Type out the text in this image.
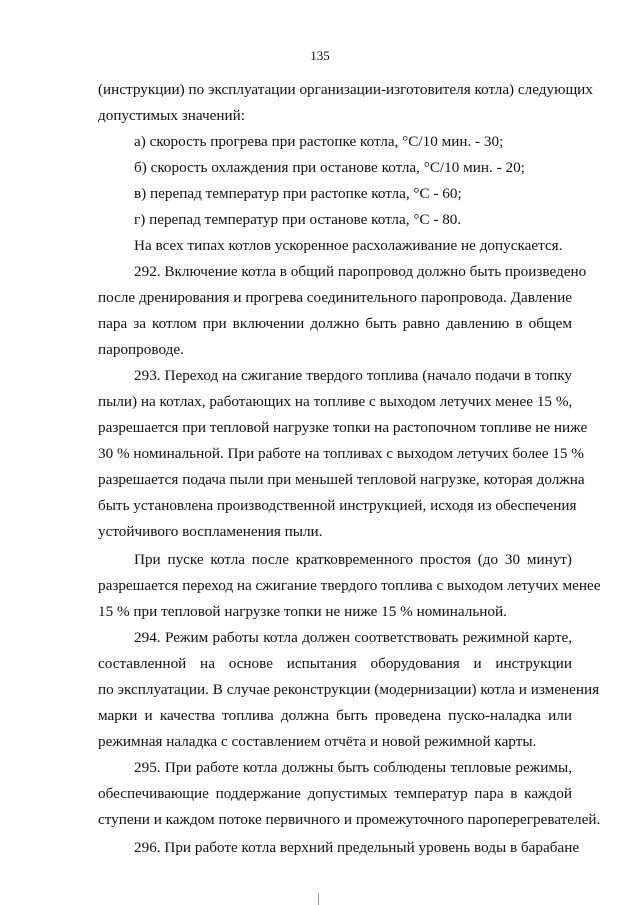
135
(инструкции) по эксплуатации организации-изготовителя котла) следующих
допустимых значений:
а) скорость прогрева при растопке котла, °С/10 мин. - 30;
б) скорость охлаждения при останове котла, °С/10 мин. - 20;
в) перепад температур при растопке котла, °С - 60;
г) перепад температур при останове котла, °С - 80.
На всех типах котлов ускоренное расхолаживание не допускается.
292. Включение котла в общий паропровод должно быть произведено
после дренирования и прогрева соединительного паропровода. Давление
пара за котлом при включении должно быть равно давлению в общем
паропроводе.
293. Переход на сжигание твердого топлива (начало подачи в топку
пыли) на котлах, работающих на топливе с выходом летучих менее 15 %,
разрешается при тепловой нагрузке топки на растопочном топливе не ниже
30 % номинальной. При работе на топливах с выходом летучих более 15 %
разрешается подача пыли при меньшей тепловой нагрузке, которая должна
быть установлена производственной инструкцией, исходя из обеспечения
устойчивого воспламенения пыли.
При пуске котла после кратковременного простоя (до 30 минут)
разрешается переход на сжигание твердого топлива с выходом летучих менее
15 % при тепловой нагрузке топки не ниже 15 % номинальной.
294. Режим работы котла должен соответствовать режимной карте,
составленной на основе испытания оборудования и инструкции
по эксплуатации. В случае реконструкции (модернизации) котла и изменения
марки и качества топлива должна быть проведена пуско-наладка или
режимная наладка с составлением отчёта и новой режимной карты.
295. При работе котла должны быть соблюдены тепловые режимы,
обеспечивающие поддержание допустимых температур пара в каждой
ступени и каждом потоке первичного и промежуточного пароперегревателей.
296. При работе котла верхний предельный уровень воды в барабане
